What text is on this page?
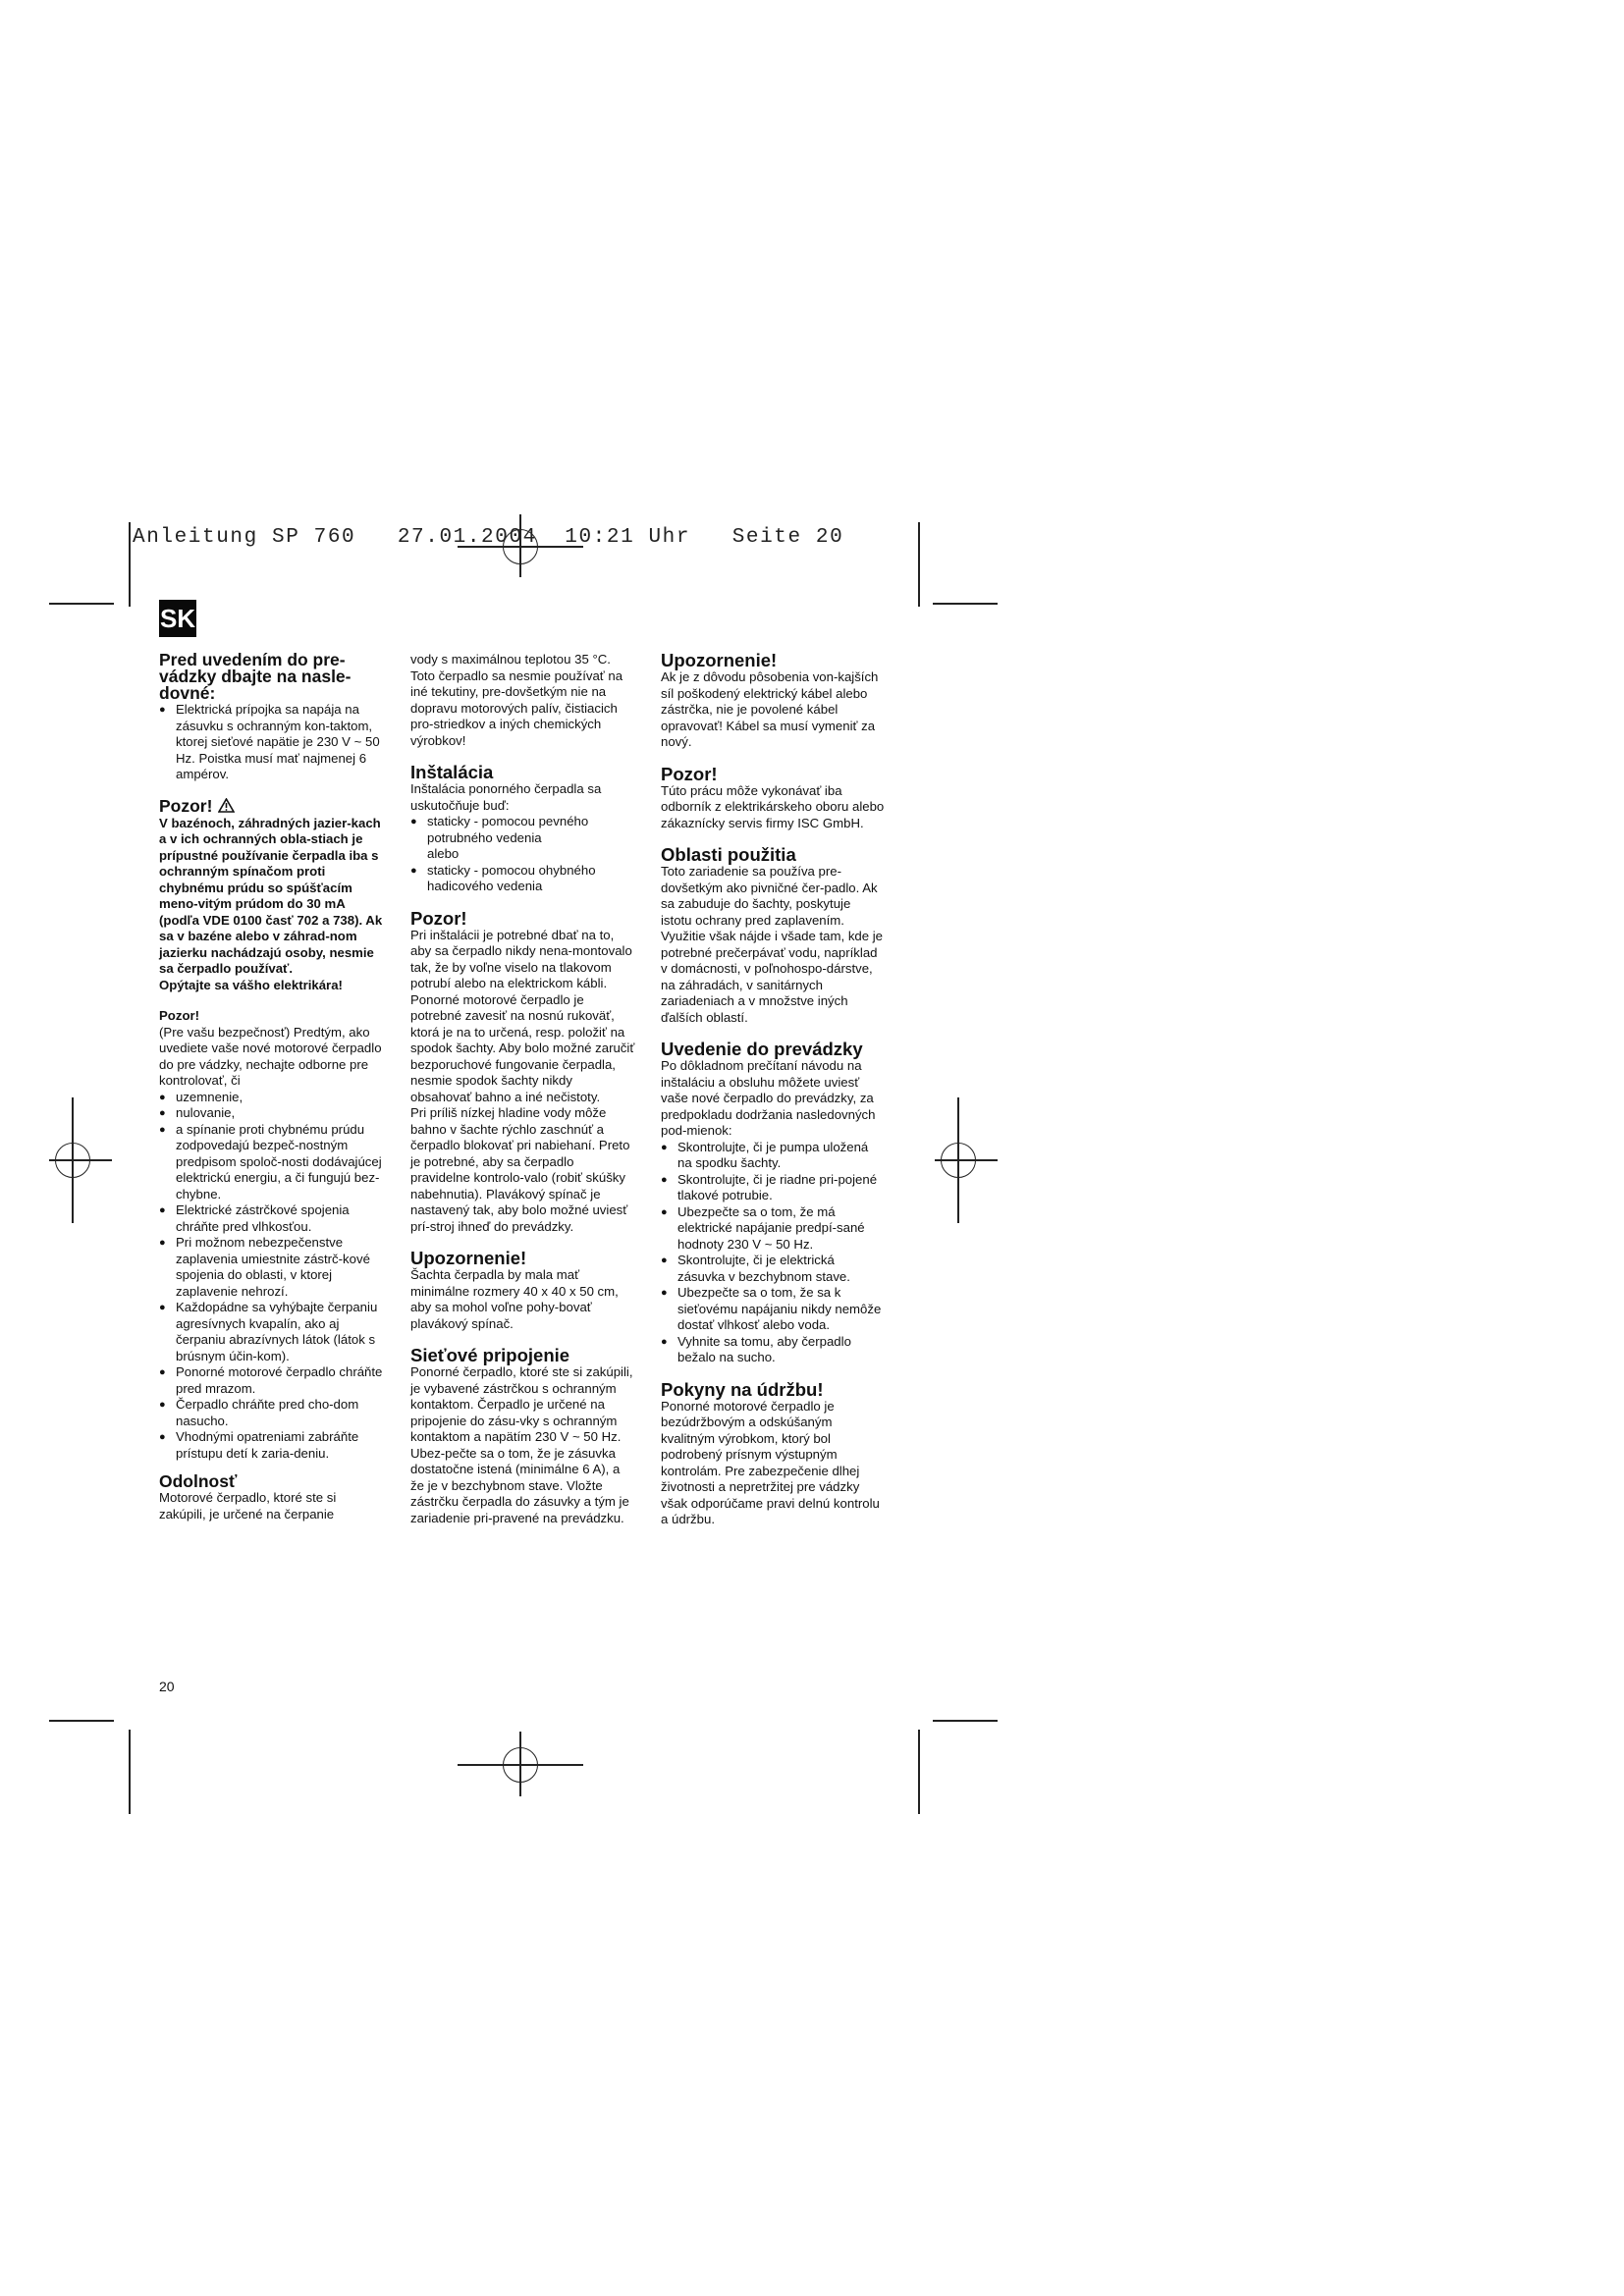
Anleitung SP 760   27.01.2004  10:21 Uhr   Seite 20
SK

Pred uvedením do pre-vádzky dbajte na nasle-dovné:

● Elektrická prípojka sa napája na zásuvku s ochranným kon-taktom, ktorej sieťové napätie je 230 V ~ 50 Hz. Poistka musí mať najmenej 6 ampérov.

Pozor!

V bazénoch, záhradných jazier-kach a v ich ochranných obla-stiach je prípustné používanie čerpadla iba s ochranným spínačom proti chybnému prúdu so spúšťacím meno-vitým prúdom do 30 mA (podľa VDE 0100 časť 702 a 738). Ak sa v bazéne alebo v záhrad-nom jazierku nachádzajú osoby, nesmie sa čerpadlo používať.

Opýtajte sa vášho elektrikára!

Pozor!

(Pre vašu bezpečnosť) Predtým, ako uvediete vaše nové motorové čerpadlo do pre vádzky, nechajte odborne pre kontrolovať, či

● uzemnenie,
● nulovanie,
● a spínanie proti chybnému prúdu zodpovedajú bezpeč-nostným predpisom spoloč-nosti dodávajúcej elektrickú energiu, a či fungujú bez-chybne.
● Elektrické zástrčkové spojenia chráňte pred vlhkosťou.
● Pri možnom nebezpečenstve zaplavenia umiestnite zástrč-kové spojenia do oblasti, v ktorej zaplavenie nehrozí.
● Každopádne sa vyhýbajte čerpaniu agresívnych kvapalín, ako aj čerpaniu abrazívnych látok (látok s brúsnym účin-kom).
● Ponorné motorové čerpadlo chráňte pred mrazom.
● Čerpadlo chráňte pred cho-dom nasucho.
● Vhodnými opatreniami zabráňte prístupu detí k zaria-deniu.

Odolnosť

Motorové čerpadlo, ktoré ste si zakúpili, je určené na čerpanie

vody s maximálnou teplotou 35 °C. Toto čerpadlo sa nesmie používať na iné tekutiny, pre-dovšetkým nie na dopravu motorových palív, čistiacich pro-striedkov a iných chemických výrobkov!

Inštalácia

Inštalácia ponorného čerpadla sa uskutočňuje buď:

● staticky - pomocou pevného potrubného vedenia
alebo
● staticky - pomocou ohybného hadicového vedenia

Pozor!

Pri inštalácii je potrebné dbať na to, aby sa čerpadlo nikdy nena-montovalo tak, že by voľne viselo na tlakovom potrubí alebo na elektrickom kábli. Ponorné motorové čerpadlo je potrebné zavesiť na nosnú rukoväť, ktorá je na to určená, resp. položiť na spodok šachty. Aby bolo možné zaručiť bezporuchové fungovanie čerpadla, nesmie spodok šachty nikdy obsahovať bahno a iné nečistoty.

Pri príliš nízkej hladine vody môže bahno v šachte rýchlo zaschnúť a čerpadlo blokovať pri nabiehaní. Preto je potrebné, aby sa čerpadlo pravidelne kontrolo-valo (robiť skúšky nabehnutia). Plavákový spínač je nastavený tak, aby bolo možné uviesť prí-stroj ihneď do prevádzky.

Upozornenie!

Šachta čerpadla by mala mať minimálne rozmery 40 x 40 x 50 cm, aby sa mohol voľne pohy-bovať plavákový spínač.

Sieťové pripojenie

Ponorné čerpadlo, ktoré ste si zakúpili, je vybavené zástrčkou s ochranným kontaktom. Čerpadlo je určené na pripojenie do zásu-vky s ochranným kontaktom a napätím 230 V ~ 50 Hz. Ubez-pečte sa o tom, že je zásuvka dostatočne istená (minimálne 6 A), a že je v bezchybnom stave. Vložte zástrčku čerpadla do zásuvky a tým je zariadenie pri-pravené na prevádzku.

Upozornenie!

Ak je z dôvodu pôsobenia von-kajších síl poškodený elektrický kábel alebo zástrčka, nie je povolené kábel opravovať! Kábel sa musí vymeniť za nový.

Pozor!

Túto prácu môže vykonávať iba odborník z elektrikárskeho oboru alebo zákaznícky servis firmy ISC GmbH.

Oblasti použitia

Toto zariadenie sa používa pre-dovšetkým ako pivničné čer-padlo. Ak sa zabuduje do šachty, poskytuje istotu ochrany pred zaplavením. Využitie však nájde i všade tam, kde je potrebné prečerpávať vodu, napríklad v domácnosti, v poľnohospo-dárstve, na záhradách, v sanitárnych zariadeniach a v množstve iných ďalších oblastí.

Uvedenie do prevádzky

Po dôkladnom prečítaní návodu na inštaláciu a obsluhu môžete uviesť vaše nové čerpadlo do prevádzky, za predpokladu dodržania nasledovných pod-mienok:

● Skontrolujte, či je pumpa uložená na spodku šachty.
● Skontrolujte, či je riadne pri-pojené tlakové potrubie.
● Ubezpečte sa o tom, že má elektrické napájanie predpí-sané hodnoty 230 V ~ 50 Hz.
● Skontrolujte, či je elektrická zásuvka v bezchybnom stave.
● Ubezpečte sa o tom, že sa k sieťovému napájaniu nikdy nemôže dostať vlhkosť alebo voda.
● Vyhnite sa tomu, aby čerpadlo bežalo na sucho.

Pokyny na údržbu!

Ponorné motorové čerpadlo je bezúdržbovým a odskúšaným kvalitným výrobkom, ktorý bol podrobený prísnym výstupným kontrolám. Pre zabezpečenie dlhej životnosti a nepretržitej pre vádzky však odporúčame pravi delnú kontrolu a údržbu.

20
